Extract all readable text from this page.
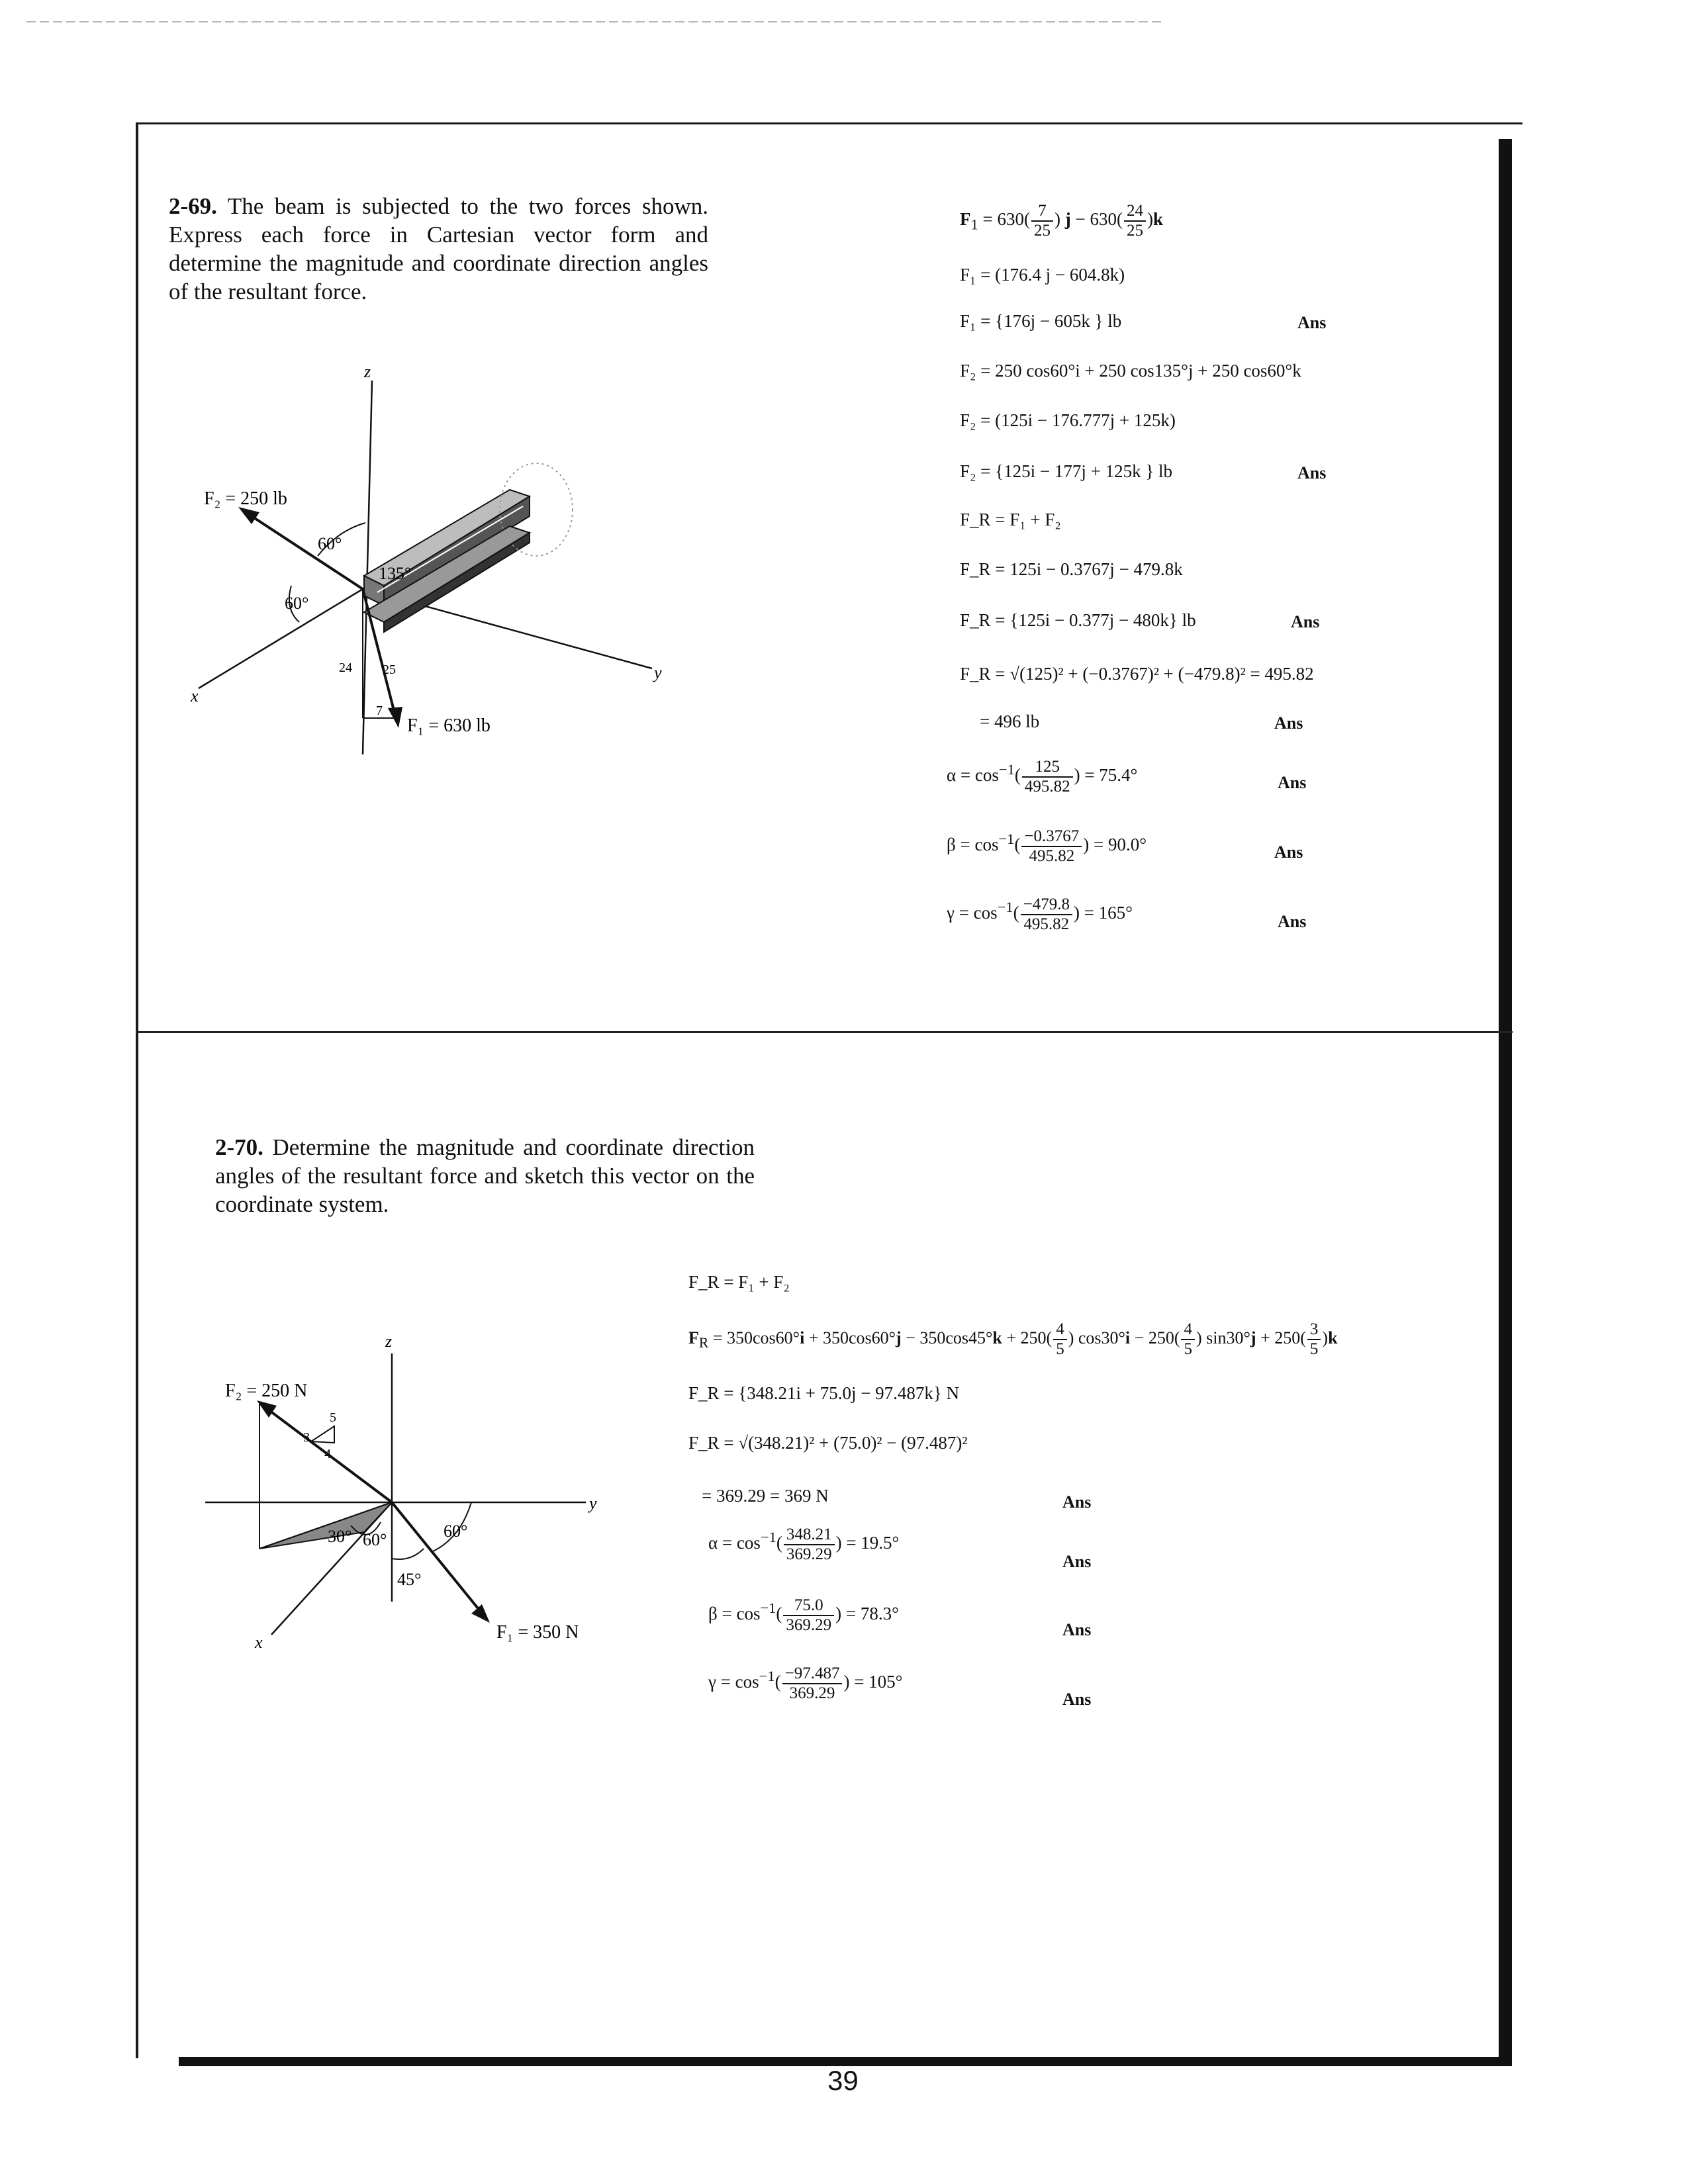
2-69. The beam is subjected to the two forces shown. Express each force in Cartesian vector form and determine the magnitude and coordinate direction angles of the resultant force.
z
x
y
F₂ = 250 lb
60°
60°
135°
24 25
7
F₁ = 630 lb
$F_1 = 630( \frac{7}{25}$ ) $j - 630( \frac{24}{25} )k$
F₁ = (176.4 j − 604.8k)
F₁ = {176j − 605k } lb	Ans
F₂ = 250 cos60°i + 250 cos135°j + 250 cos60°k
F₂ = (125i − 176.777j + 125k)
F₂ = {125i − 177j + 125k } lb	Ans
F_R = F₁ + F₂
F_R = 125i − 0.3767j − 479.8k
F_R = {125i − 0.377j − 480k} lb	Ans
F_R = √(125)² + (−0.3767)² + (−479.8)² = 495.82
= 496 lb	Ans
$\alpha = \cos^{-1}( \frac{125}{495.82}$ ) = 75.4°	Ans
$\beta = \cos^{-1}( \frac{-0.3767}{495.82}$ ) = 90.0°	Ans
$\gamma = \cos^{-1}( \frac{-479.8}{495.82}$ ) = 165°	Ans
2-70. Determine the magnitude and coordinate direction angles of the resultant force and sketch this vector on the coordinate system.
z
y
x
F₂ = 250 N
5
3
4
30° 60°	60°
45°
F₁ = 350 N
F_R = F₁ + F₂
$F_R = 350\cos 60^\circ i + 350\cos 60^\circ j - 350\cos 45^\circ k + 250( \frac{4}{5}$ ) $\cos 30^\circ i - 250( \frac{4}{5}$ ) $\sin 30^\circ j + 250( \frac{3}{5} )k$
F_R = {348.21i + 75.0j − 97.487k} N
F_R = √(348.21)² + (75.0)² − (97.487)²
= 369.29 = 369 N	Ans
$\alpha = \cos^{-1}( \frac{348.21}{369.29}$ ) = 19.5°
Ans
$\beta = \cos^{-1}( \frac{75.0}{369.29}$ ) = 78.3°
Ans
$\gamma = \cos^{-1}( \frac{-97.487}{369.29}$ ) = 105°
Ans
39
